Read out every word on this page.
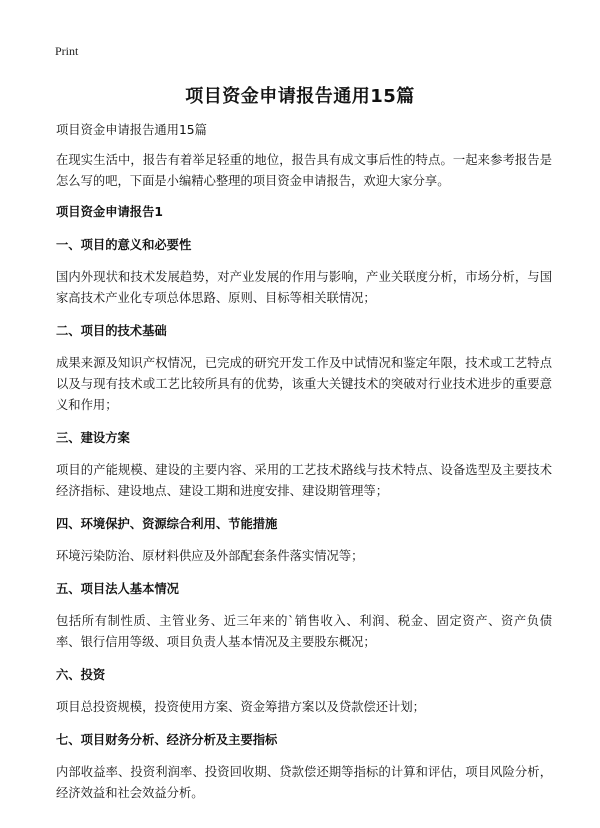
Print
项目资金申请报告通用15篇
项目资金申请报告通用15篇

在现实生活中，报告有着举足轻重的地位，报告具有成文事后性的特点。一起来参考报告是怎么写的吧，下面是小编精心整理的项目资金申请报告，欢迎大家分享。

项目资金申请报告1
一、项目的意义和必要性

国内外现状和技术发展趋势，对产业发展的作用与影响，产业关联度分析，市场分析，与国家高技术产业化专项总体思路、原则、目标等相关联情况；

二、项目的技术基础

成果来源及知识产权情况，已完成的研究开发工作及中试情况和鉴定年限，技术或工艺特点以及与现有技术或工艺比较所具有的优势，该重大关键技术的突破对行业技术进步的重要意义和作用；

三、建设方案

项目的产能规模、建设的主要内容、采用的工艺技术路线与技术特点、设备选型及主要技术经济指标、建设地点、建设工期和进度安排、建设期管理等；

四、环境保护、资源综合利用、节能措施

环境污染防治、原材料供应及外部配套条件落实情况等；

五、项目法人基本情况

包括所有制性质、主管业务、近三年来的`销售收入、利润、税金、固定资产、资产负债率、银行信用等级、项目负责人基本情况及主要股东概况；

六、投资

项目总投资规模，投资使用方案、资金筹措方案以及贷款偿还计划；

七、项目财务分析、经济分析及主要指标

内部收益率、投资利润率、投资回收期、贷款偿还期等指标的计算和评估，项目风险分析，经济效益和社会效益分析。
